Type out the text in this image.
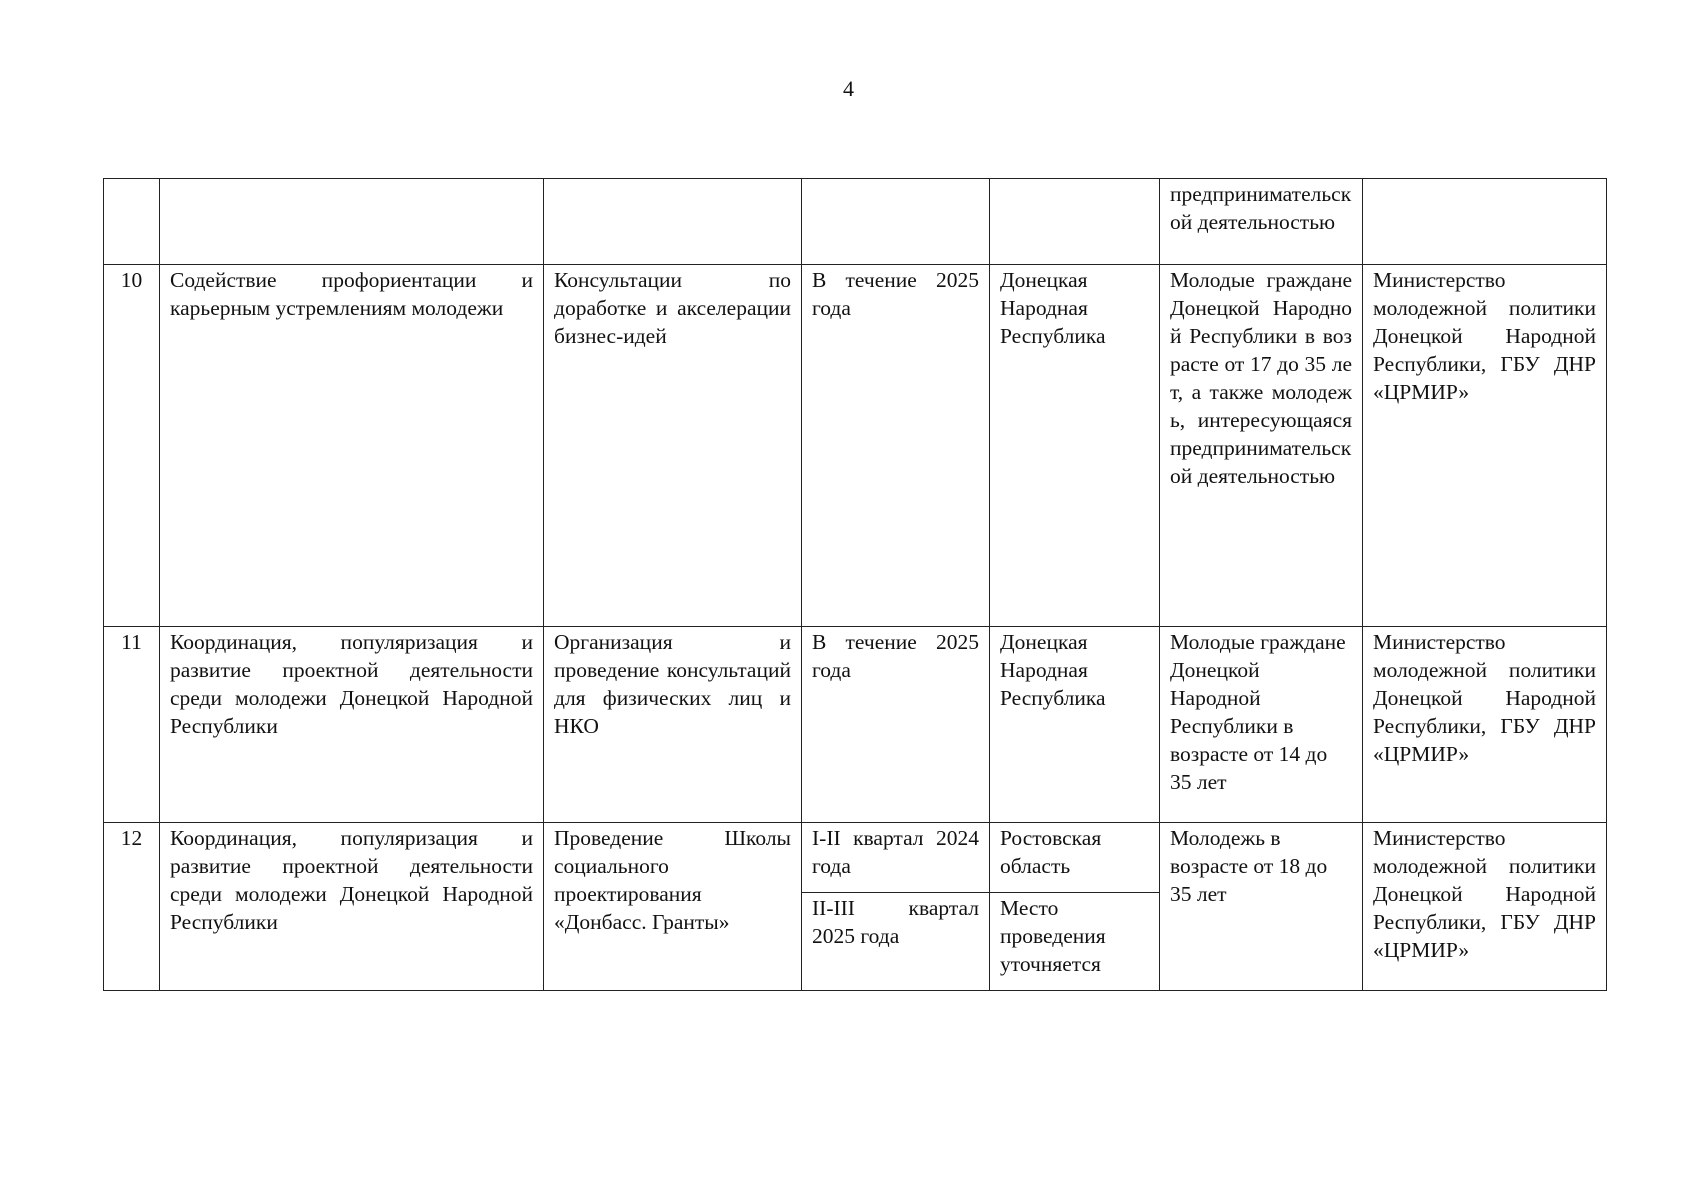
4
					предпринимательской деятельностью	
10	Содействие профориентации и карьерным устремлениям молодежи	Консультации по доработке и акселерации бизнес-идей	В течение 2025 года	Донецкая Народная Республика	Молодые граждане Донецкой Народной Республики в возрасте от 17 до 35 лет, а также молодежь, интересующаяся предпринимательской деятельностью	Министерство молодежной политики Донецкой Народной Республики, ГБУ ДНР «ЦРМИР»
11	Координация, популяризация и развитие проектной деятельности среди молодежи Донецкой Народной Республики	Организация и проведение консультаций для физических лиц и НКО	В течение 2025 года	Донецкая Народная Республика	Молодые граждане Донецкой Народной Республики в возрасте от 14 до 35 лет	Министерство молодежной политики Донецкой Народной Республики, ГБУ ДНР «ЦРМИР»
12	Координация, популяризация и развитие проектной деятельности среди молодежи Донецкой Народной Республики	Проведение Школы социального проектирования «Донбасс. Гранты»	I-II квартал 2024 года	Ростовская область	Молодежь в возрасте от 18 до 35 лет	Министерство молодежной политики Донецкой Народной Республики, ГБУ ДНР «ЦРМИР»
			II-III квартал 2025 года	Место проведения уточняется		
